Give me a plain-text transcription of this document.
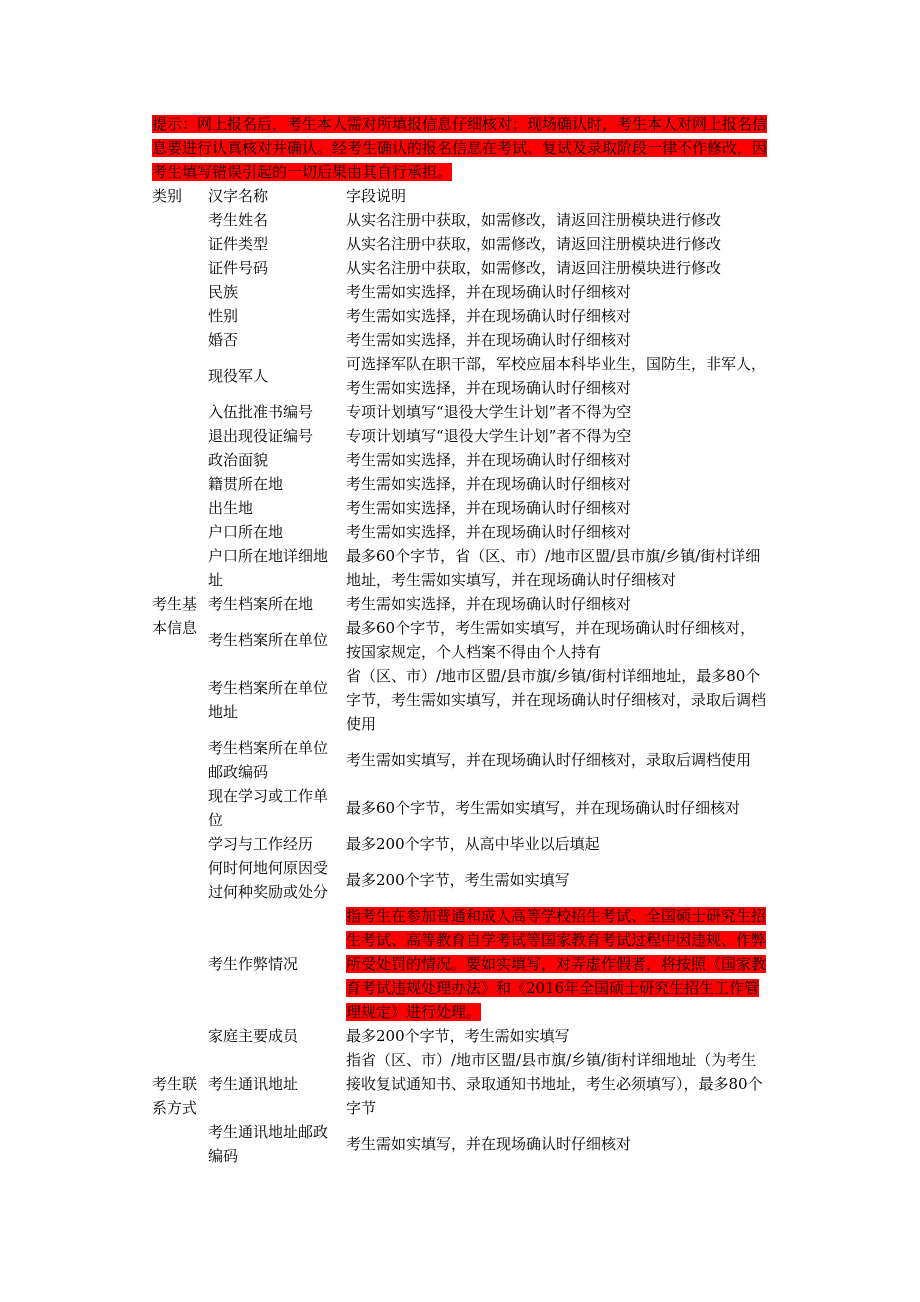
提示：网上报名后，考生本人需对所填报信息仔细核对；现场确认时，考生本人对网上报名信息要进行认真核对并确认。经考生确认的报名信息在考试、复试及录取阶段一律不作修改，因考生填写错误引起的一切后果由其自行承担。

类别	汉字名称	字段说明
考生基本信息	考生姓名	从实名注册中获取，如需修改，请返回注册模块进行修改
	证件类型	从实名注册中获取，如需修改，请返回注册模块进行修改
	证件号码	从实名注册中获取，如需修改，请返回注册模块进行修改
	民族	考生需如实选择，并在现场确认时仔细核对
	性别	考生需如实选择，并在现场确认时仔细核对
	婚否	考生需如实选择，并在现场确认时仔细核对
	现役军人	可选择军队在职干部，军校应届本科毕业生，国防生，非军人，考生需如实选择，并在现场确认时仔细核对
	入伍批准书编号	专项计划填写“退役大学生计划”者不得为空
	退出现役证编号	专项计划填写“退役大学生计划”者不得为空
	政治面貌	考生需如实选择，并在现场确认时仔细核对
	籍贯所在地	考生需如实选择，并在现场确认时仔细核对
	出生地	考生需如实选择，并在现场确认时仔细核对
	户口所在地	考生需如实选择，并在现场确认时仔细核对
	户口所在地详细地址	最多60个字节，省（区、市）/地市区盟/县市旗/乡镇/街村详细地址，考生需如实填写，并在现场确认时仔细核对
	考生档案所在地	考生需如实选择，并在现场确认时仔细核对
	考生档案所在单位	最多60个字节，考生需如实填写，并在现场确认时仔细核对，按国家规定，个人档案不得由个人持有
	考生档案所在单位地址	省（区、市）/地市区盟/县市旗/乡镇/街村详细地址，最多80个字节，考生需如实填写，并在现场确认时仔细核对，录取后调档使用
	考生档案所在单位邮政编码	考生需如实填写，并在现场确认时仔细核对，录取后调档使用
	现在学习或工作单位	最多60个字节，考生需如实填写，并在现场确认时仔细核对
	学习与工作经历	最多200个字节，从高中毕业以后填起
	何时何地何原因受过何种奖励或处分	最多200个字节，考生需如实填写
	考生作弊情况	指考生在参加普通和成人高等学校招生考试、全国硕士研究生招生考试、高等教育自学考试等国家教育考试过程中因违规、作弊所受处罚的情况。要如实填写，对弄虚作假者，将按照《国家教育考试违规处理办法》和《2016年全国硕士研究生招生工作管理规定》进行处理。
考生联系方式	家庭主要成员	最多200个字节，考生需如实填写
	考生通讯地址	指省（区、市）/地市区盟/县市旗/乡镇/街村详细地址（为考生接收复试通知书、录取通知书地址，考生必须填写），最多80个字节
	考生通讯地址邮政编码	考生需如实填写，并在现场确认时仔细核对
